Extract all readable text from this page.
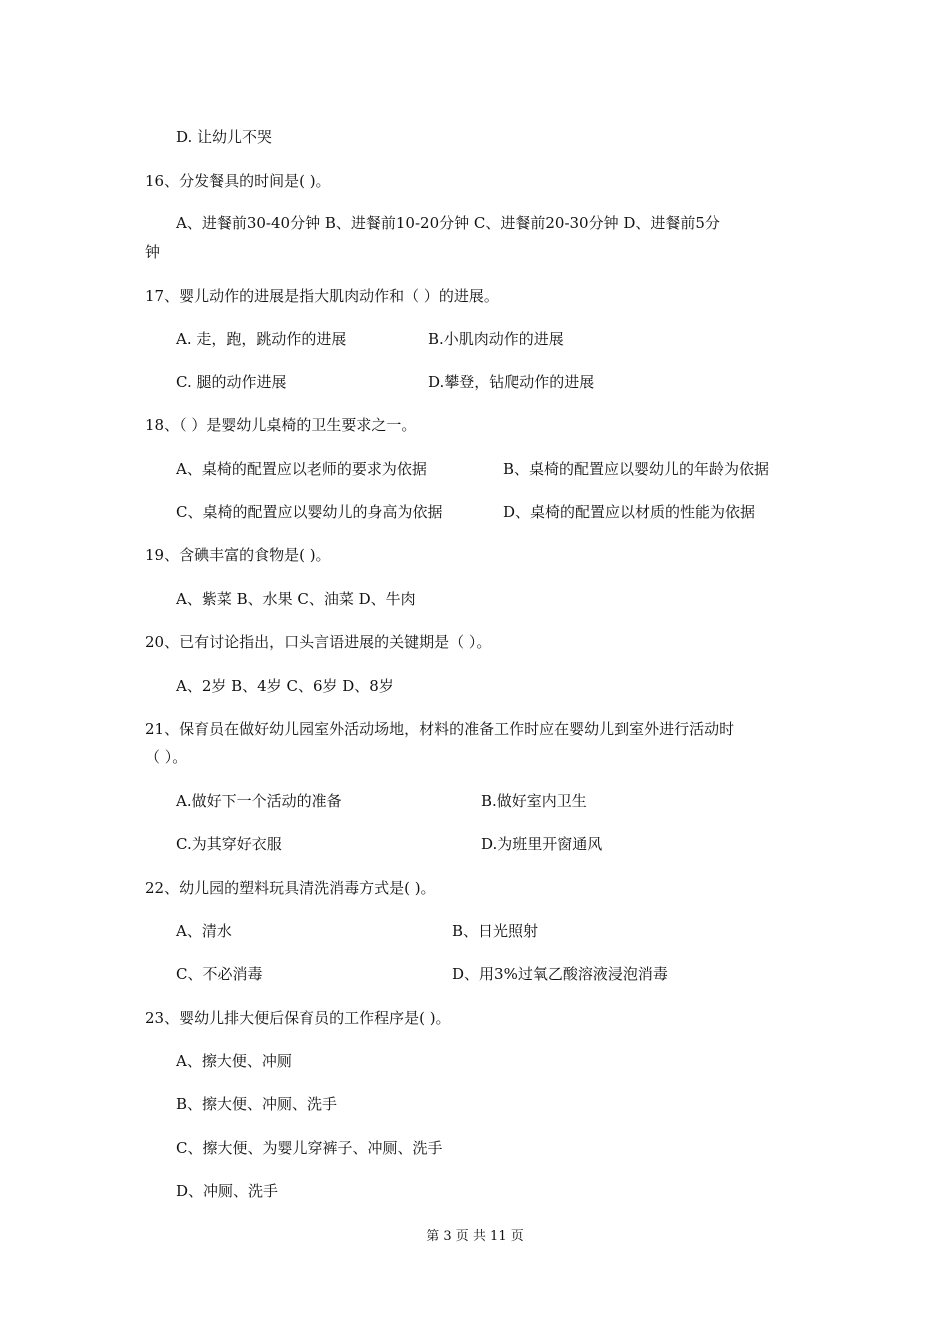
D. 让幼儿不哭
16、分发餐具的时间是( )。
A、进餐前30-40分钟 B、进餐前10-20分钟 C、进餐前20-30分钟 D、进餐前5分
钟
17、婴儿动作的进展是指大肌肉动作和（ ）的进展。
A. 走，跑，跳动作的进展	B.小肌肉动作的进展
C. 腿的动作进展	D.攀登，钻爬动作的进展
18、（ ）是婴幼儿桌椅的卫生要求之一。
A、桌椅的配置应以老师的要求为依据	B、桌椅的配置应以婴幼儿的年龄为依据
C、桌椅的配置应以婴幼儿的身高为依据	D、桌椅的配置应以材质的性能为依据
19、含碘丰富的食物是( )。
A、紫菜 B、水果 C、油菜 D、牛肉
20、已有讨论指出，口头言语进展的关键期是（ ）。
A、2岁 B、4岁 C、6岁 D、8岁
21、保育员在做好幼儿园室外活动场地，材料的准备工作时应在婴幼儿到室外进行活动时
（ ）。
A.做好下一个活动的准备	B.做好室内卫生
C.为其穿好衣服	D.为班里开窗通风
22、幼儿园的塑料玩具清洗消毒方式是( )。
A、清水	B、日光照射
C、不必消毒	D、用3%过氧乙酸溶液浸泡消毒
23、婴幼儿排大便后保育员的工作程序是( )。
A、擦大便、冲厕
B、擦大便、冲厕、洗手
C、擦大便、为婴儿穿裤子、冲厕、洗手
D、冲厕、洗手
第 3 页 共 11 页
